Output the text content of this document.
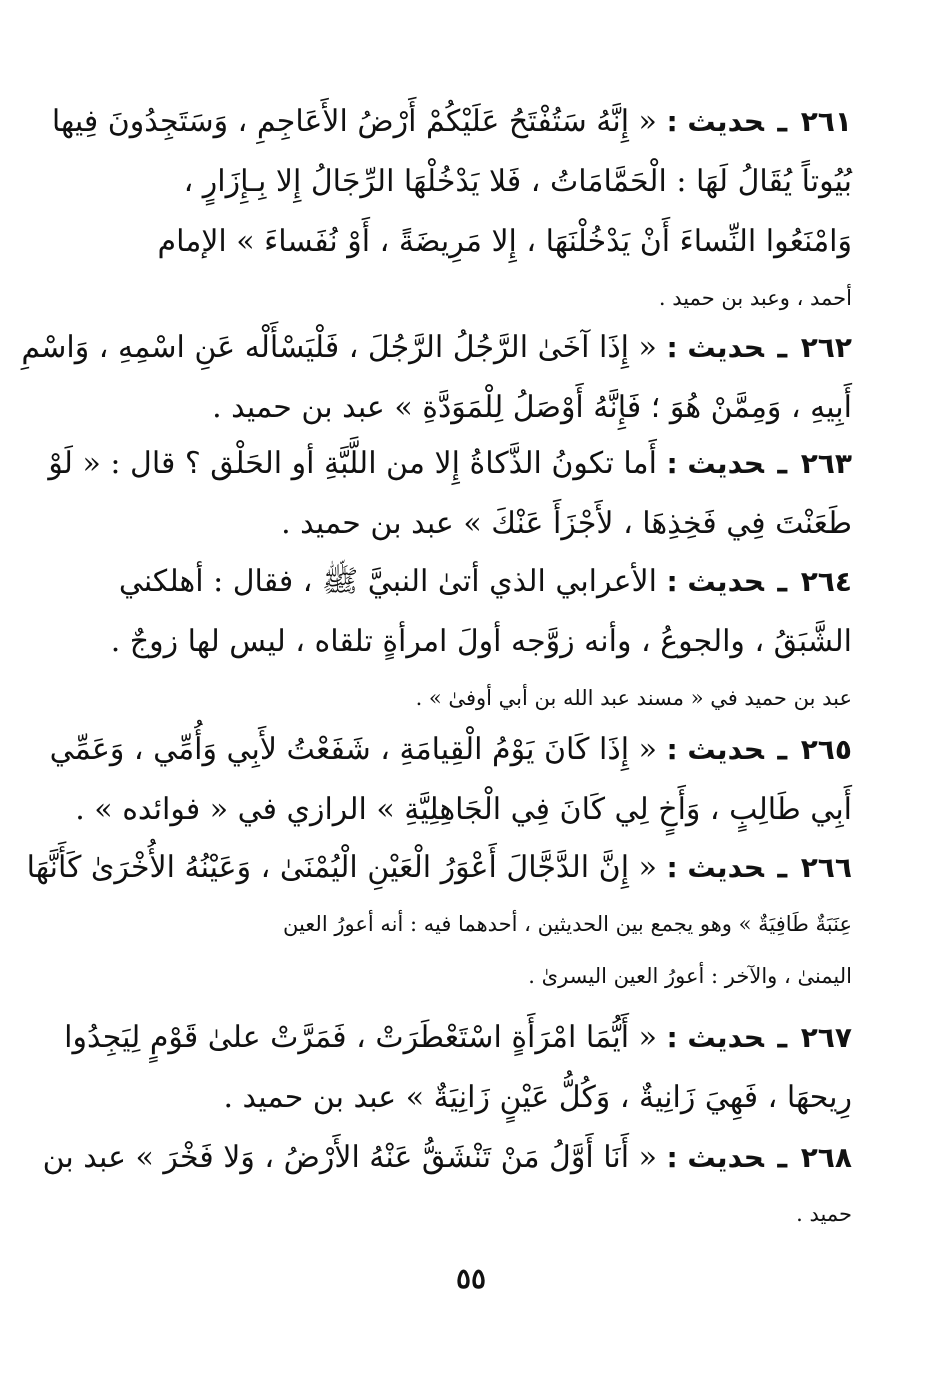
٢٦١ـحديث : « إِنَّهُ سَتُفْتَحُ عَلَيْكُمْ أَرْضُ الأَعَاجِمِ ، وَسَتَجِدُونَ فِيها
بُيُوتاً يُقَالُ لَهَا : الْحَمَّامَاتُ ، فَلا يَدْخُلْهَا الرِّجَالُ إِلا بِـإِزَارٍ ،
وَامْنَعُوا النِّساءَ أَنْ يَدْخُلْنَهَا ، إِلا مَرِيضَةً ، أَوْ نُفَساءَ » الإمام
أحمد ، وعبد بن حميد .
٢٦٢ـحديث : « إِذَا آخَىٰ الرَّجُلُ الرَّجُلَ ، فَلْيَسْأَلْه عَنِ اسْمِهِ ، وَاسْمِ
أَبِيهِ ، وَمِمَّنْ هُوَ ؛ فَإِنَّهُ أَوْصَلُ لِلْمَوَدَّةِ » عبد بن حميد .
٢٦٣ـحديث : أَما تكونُ الذَّكاةُ إِلا من اللَّبَّةِ أو الحَلْق ؟ قال : « لَوْ
طَعَنْتَ فِي فَخِذِهَا ، لأَجْزَأَ عَنْكَ » عبد بن حميد .
٢٦٤ـحديث : الأعرابي الذي أتىٰ النبيَّ ﷺ ، فقال : أهلكني
الشَّبَقُ ، والجوعُ ، وأنه زوَّجه أولَ امرأةٍ تلقاه ، ليس لها زوجٌ .
عبد بن حميد في « مسند عبد الله بن أبي أوفىٰ » .
٢٦٥ـحديث : « إِذَا كَانَ يَوْمُ الْقِيامَةِ ، شَفَعْتُ لأَبِي وَأُمِّي ، وَعَمِّي
أَبِي طَالِبٍ ، وَأَخٍ لِي كَانَ فِي الْجَاهِلِيَّةِ » الرازي في « فوائده » .
٢٦٦ـحديث : « إِنَّ الدَّجَّالَ أَعْوَرُ الْعَيْنِ الْيُمْنَىٰ ، وَعَيْنُهُ الأُخْرَىٰ كَأَنَّهَا
عِنَبَةٌ طَافِيَةٌ » وهو يجمع بين الحديثين ، أحدهما فيه : أنه أعورُ العين
اليمنىٰ ، والآخر : أعورُ العين اليسرىٰ .
٢٦٧ـحديث : « أَيُّمَا امْرَأَةٍ اسْتَعْطَرَتْ ، فَمَرَّتْ علىٰ قَوْمٍ لِيَجِدُوا
رِيحهَا ، فَهِيَ زَانِيةٌ ، وَكُلُّ عَيْنٍ زَانِيَةٌ » عبد بن حميد .
٢٦٨ـحديث : « أَنَا أَوَّلُ مَنْ تَنْشَقُّ عَنْهُ الأَرْضُ ، وَلا فَخْرَ » عبد بن
حميد .
٥٥
